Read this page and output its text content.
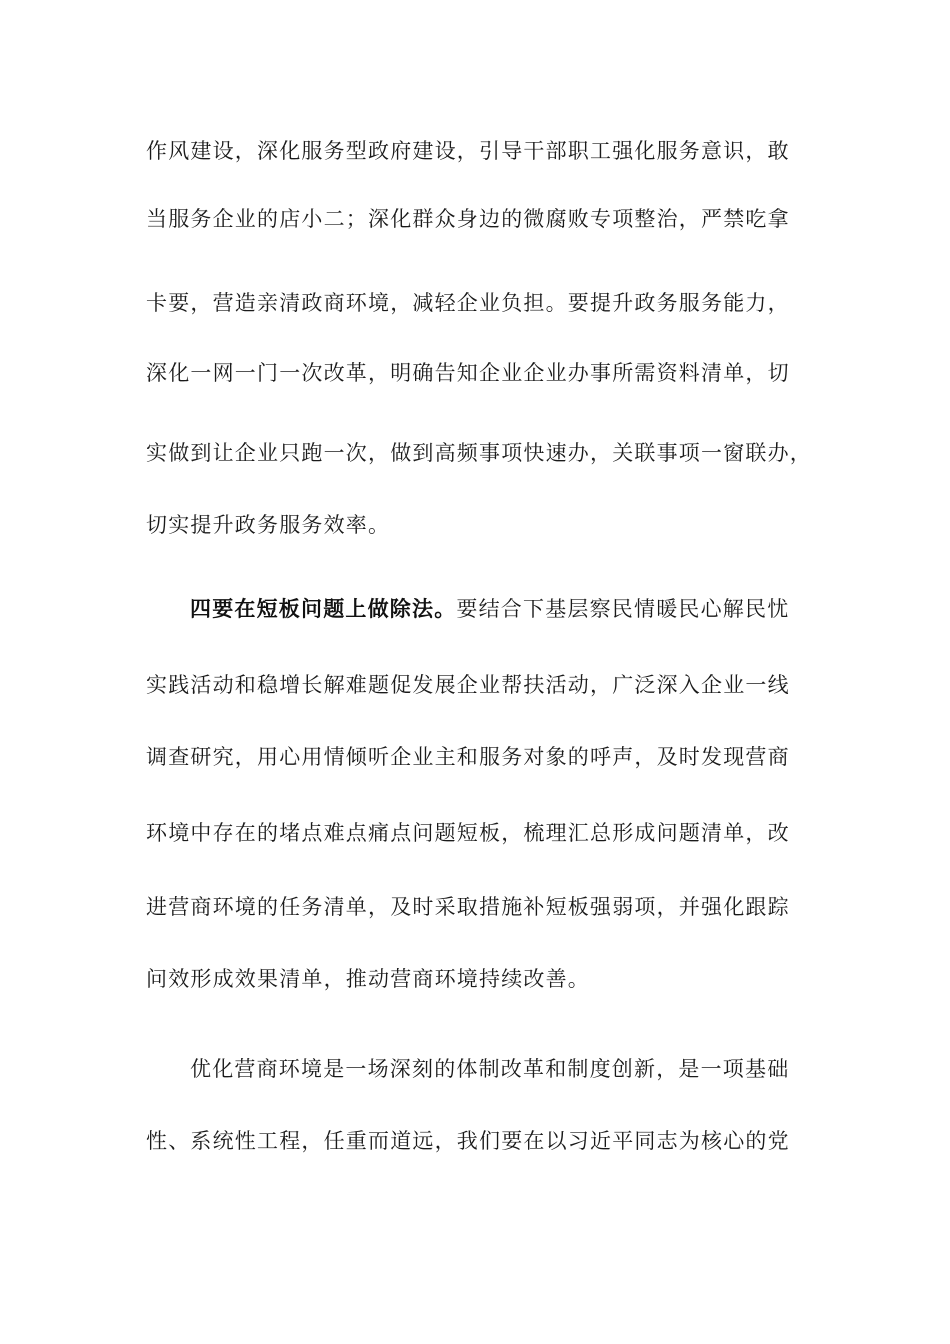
作风建设，深化服务型政府建设，引导干部职工强化服务意识，敢
当服务企业的店小二；深化群众身边的微腐败专项整治，严禁吃拿
卡要，营造亲清政商环境，减轻企业负担。要提升政务服务能力，
深化一网一门一次改革，明确告知企业企业办事所需资料清单，切
实做到让企业只跑一次，做到高频事项快速办，关联事项一窗联办，
切实提升政务服务效率。
四要在短板问题上做除法。要结合下基层察民情暖民心解民忧
实践活动和稳增长解难题促发展企业帮扶活动，广泛深入企业一线
调查研究，用心用情倾听企业主和服务对象的呼声，及时发现营商
环境中存在的堵点难点痛点问题短板，梳理汇总形成问题清单，改
进营商环境的任务清单，及时采取措施补短板强弱项，并强化跟踪
问效形成效果清单，推动营商环境持续改善。
优化营商环境是一场深刻的体制改革和制度创新，是一项基础
性、系统性工程，任重而道远，我们要在以习近平同志为核心的党
